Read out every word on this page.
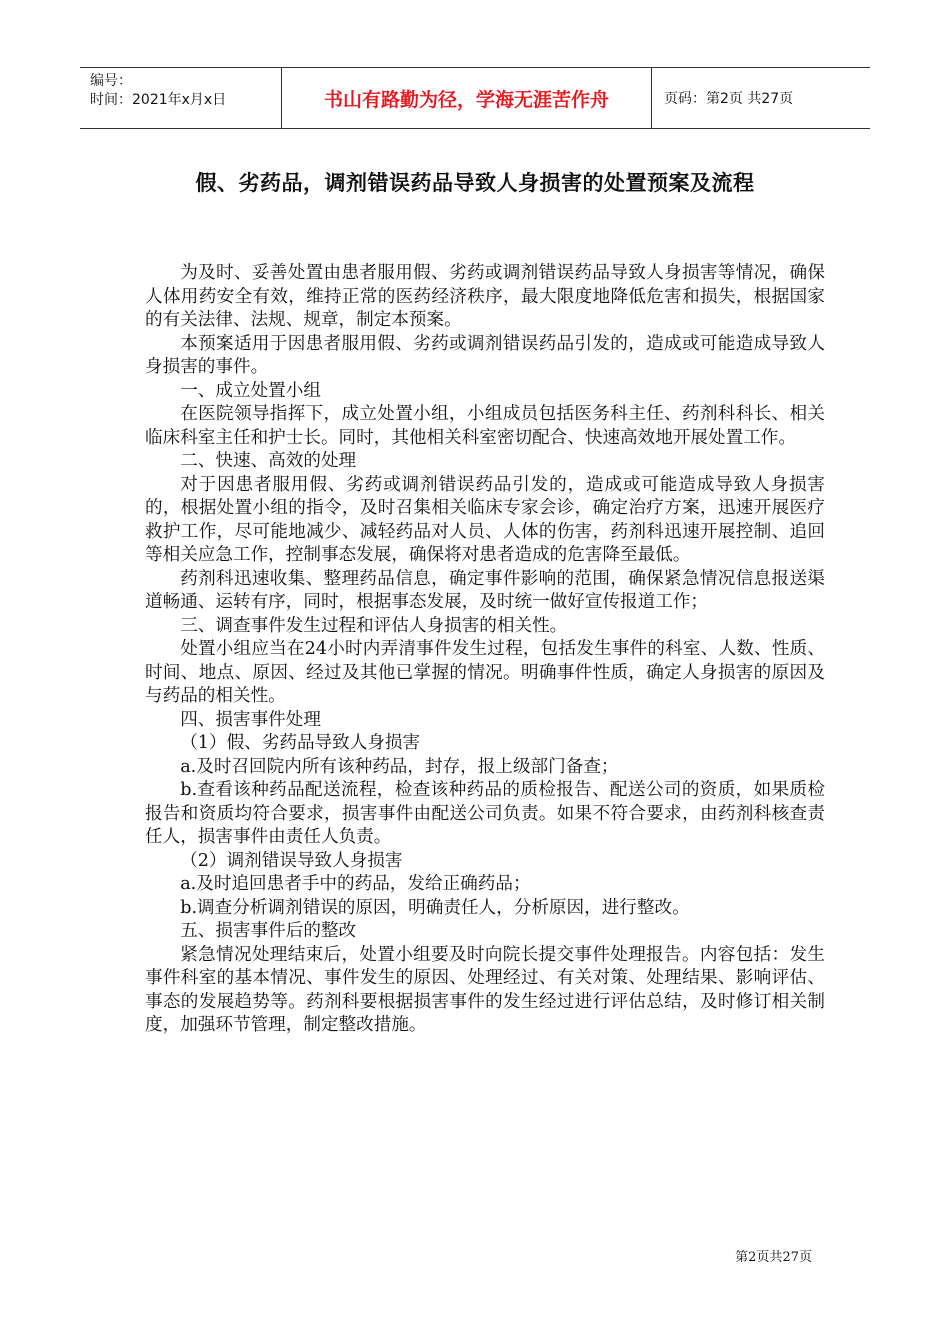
编号：
时间：2021年x月x日	书山有路勤为径，学海无涯苦作舟	页码：第2页 共27页
假、劣药品，调剂错误药品导致人身损害的处置预案及流程

为及时、妥善处置由患者服用假、劣药或调剂错误药品导致人身损害等情况，确保人体用药安全有效，维持正常的医药经济秩序，最大限度地降低危害和损失，根据国家的有关法律、法规、规章，制定本预案。

本预案适用于因患者服用假、劣药或调剂错误药品引发的，造成或可能造成导致人身损害的事件。

一、成立处置小组

在医院领导指挥下，成立处置小组，小组成员包括医务科主任、药剂科科长、相关临床科室主任和护士长。同时，其他相关科室密切配合、快速高效地开展处置工作。

二、快速、高效的处理

对于因患者服用假、劣药或调剂错误药品引发的，造成或可能造成导致人身损害的，根据处置小组的指令，及时召集相关临床专家会诊，确定治疗方案，迅速开展医疗救护工作，尽可能地减少、减轻药品对人员、人体的伤害，药剂科迅速开展控制、追回等相关应急工作，控制事态发展，确保将对患者造成的危害降至最低。

药剂科迅速收集、整理药品信息，确定事件影响的范围，确保紧急情况信息报送渠道畅通、运转有序，同时，根据事态发展，及时统一做好宣传报道工作；

三、调查事件发生过程和评估人身损害的相关性。

处置小组应当在24小时内弄清事件发生过程，包括发生事件的科室、人数、性质、时间、地点、原因、经过及其他已掌握的情况。明确事件性质，确定人身损害的原因及与药品的相关性。

四、损害事件处理

（1）假、劣药品导致人身损害

a.及时召回院内所有该种药品，封存，报上级部门备查；

b.查看该种药品配送流程，检查该种药品的质检报告、配送公司的资质，如果质检报告和资质均符合要求，损害事件由配送公司负责。如果不符合要求，由药剂科核查责任人，损害事件由责任人负责。

（2）调剂错误导致人身损害

a.及时追回患者手中的药品，发给正确药品；

b.调查分析调剂错误的原因，明确责任人，分析原因，进行整改。

五、损害事件后的整改

紧急情况处理结束后，处置小组要及时向院长提交事件处理报告。内容包括：发生事件科室的基本情况、事件发生的原因、处理经过、有关对策、处理结果、影响评估、事态的发展趋势等。药剂科要根据损害事件的发生经过进行评估总结，及时修订相关制度，加强环节管理，制定整改措施。

第2页共27页
